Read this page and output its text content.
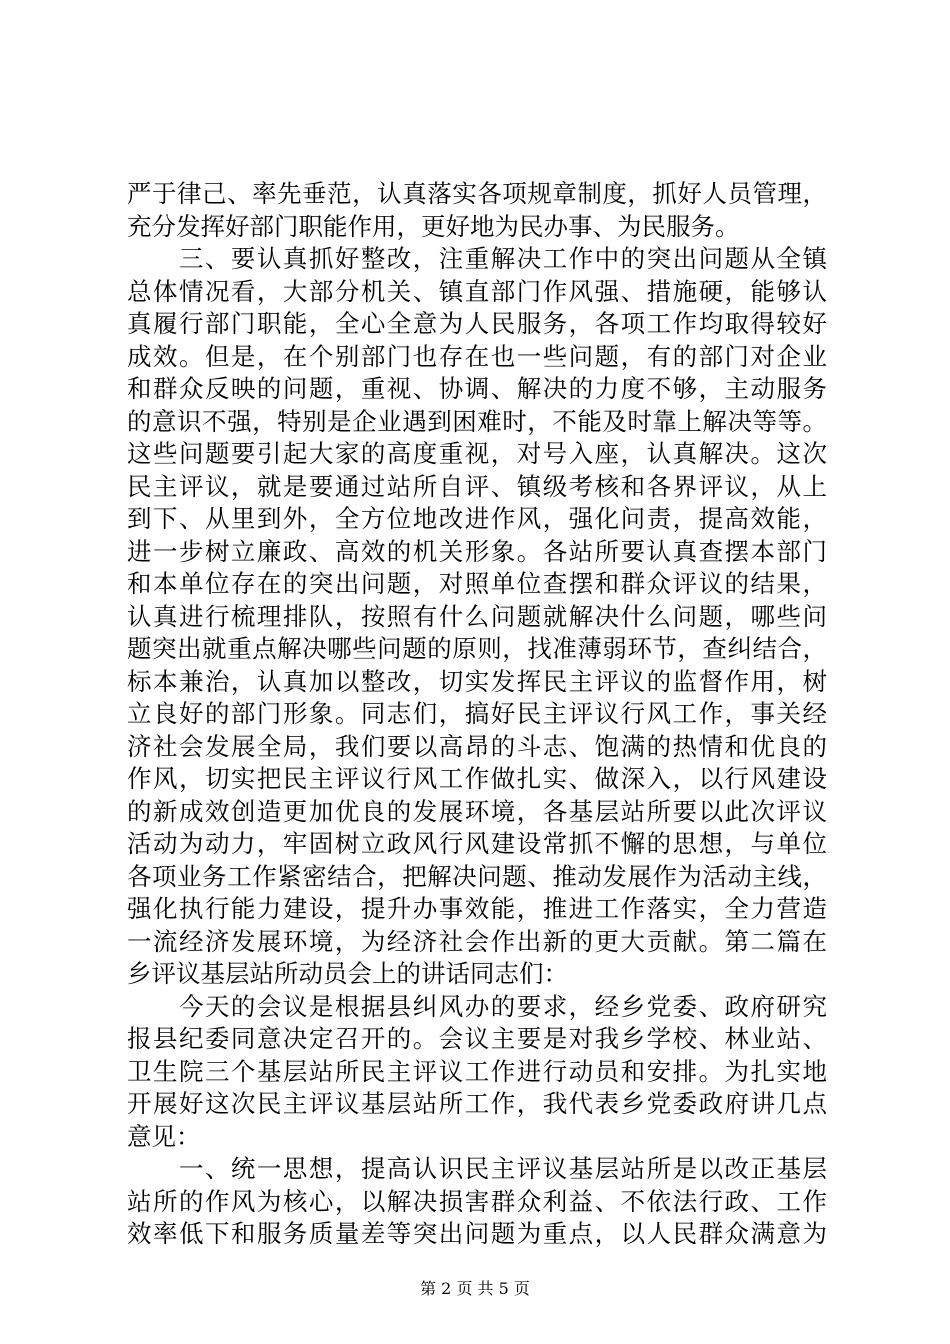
严于律己、率先垂范，认真落实各项规章制度，抓好人员管理，
充分发挥好部门职能作用，更好地为民办事、为民服务。
　　三、要认真抓好整改，注重解决工作中的突出问题从全镇
总体情况看，大部分机关、镇直部门作风强、措施硬，能够认
真履行部门职能，全心全意为人民服务，各项工作均取得较好
成效。但是，在个别部门也存在也一些问题，有的部门对企业
和群众反映的问题，重视、协调、解决的力度不够，主动服务
的意识不强，特别是企业遇到困难时，不能及时靠上解决等等。
这些问题要引起大家的高度重视，对号入座，认真解决。这次
民主评议，就是要通过站所自评、镇级考核和各界评议，从上
到下、从里到外，全方位地改进作风，强化问责，提高效能，
进一步树立廉政、高效的机关形象。各站所要认真查摆本部门
和本单位存在的突出问题，对照单位查摆和群众评议的结果，
认真进行梳理排队，按照有什么问题就解决什么问题，哪些问
题突出就重点解决哪些问题的原则，找准薄弱环节，查纠结合，
标本兼治，认真加以整改，切实发挥民主评议的监督作用，树
立良好的部门形象。同志们，搞好民主评议行风工作，事关经
济社会发展全局，我们要以高昂的斗志、饱满的热情和优良的
作风，切实把民主评议行风工作做扎实、做深入，以行风建设
的新成效创造更加优良的发展环境，各基层站所要以此次评议
活动为动力，牢固树立政风行风建设常抓不懈的思想，与单位
各项业务工作紧密结合，把解决问题、推动发展作为活动主线，
强化执行能力建设，提升办事效能，推进工作落实，全力营造
一流经济发展环境，为经济社会作出新的更大贡献。第二篇在
乡评议基层站所动员会上的讲话同志们：
　　今天的会议是根据县纠风办的要求，经乡党委、政府研究
报县纪委同意决定召开的。会议主要是对我乡学校、林业站、
卫生院三个基层站所民主评议工作进行动员和安排。为扎实地
开展好这次民主评议基层站所工作，我代表乡党委政府讲几点
意见：
　　一、统一思想，提高认识民主评议基层站所是以改正基层
站所的作风为核心，以解决损害群众利益、不依法行政、工作
效率低下和服务质量差等突出问题为重点，以人民群众满意为
第 2 页 共 5 页
